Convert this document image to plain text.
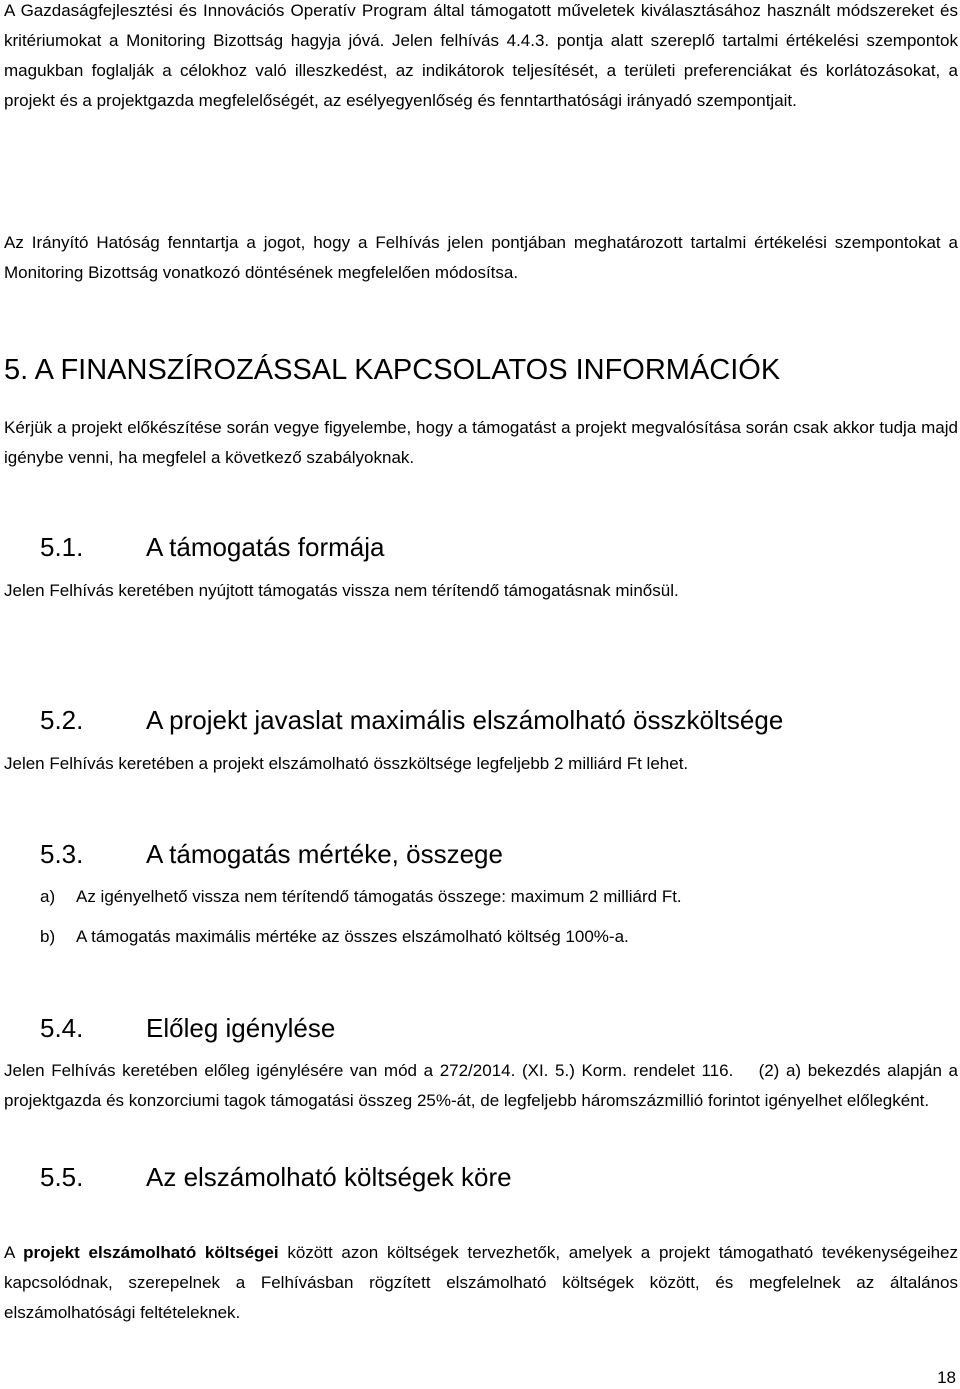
A Gazdaságfejlesztési és Innovációs Operatív Program által támogatott műveletek kiválasztásához használt módszereket és kritériumokat a Monitoring Bizottság hagyja jóvá. Jelen felhívás 4.4.3. pontja alatt szereplő tartalmi értékelési szempontok magukban foglalják a célokhoz való illeszkedést, az indikátorok teljesítését, a területi preferenciákat és korlátozásokat, a projekt és a projektgazda megfelelőségét, az esélyegyenlőség és fenntarthatósági irányadó szempontjait.

Az Irányító Hatóság fenntartja a jogot, hogy a Felhívás jelen pontjában meghatározott tartalmi értékelési szempontokat a Monitoring Bizottság vonatkozó döntésének megfelelően módosítsa.

5. A FINANSZÍROZÁSSAL KAPCSOLATOS INFORMÁCIÓK

Kérjük a projekt előkészítése során vegye figyelembe, hogy a támogatást a projekt megvalósítása során csak akkor tudja majd igénybe venni, ha megfelel a következő szabályoknak.

5.1. A támogatás formája

Jelen Felhívás keretében nyújtott támogatás vissza nem térítendő támogatásnak minősül.

5.2. A projekt javaslat maximális elszámolható összköltsége

Jelen Felhívás keretében a projekt elszámolható összköltsége legfeljebb 2 milliárd Ft lehet.

5.3. A támogatás mértéke, összege
a) Az igényelhető vissza nem térítendő támogatás összege: maximum 2 milliárd Ft.
b) A támogatás maximális mértéke az összes elszámolható költség 100%-a.
5.4. Előleg igénylése

Jelen Felhívás keretében előleg igénylésére van mód a 272/2014. (XI. 5.) Korm. rendelet 116. (2) a) bekezdés alapján a projektgazda és konzorciumi tagok támogatási összeg 25%-át, de legfeljebb háromszázmillió forintot igényelhet előlegként.

5.5. Az elszámolható költségek köre

A projekt elszámolható költségei között azon költségek tervezhetők, amelyek a projekt támogatható tevékenységeihez kapcsolódnak, szerepelnek a Felhívásban rögzített elszámolható költségek között, és megfelelnek az általános elszámolhatósági feltételeknek.

18
